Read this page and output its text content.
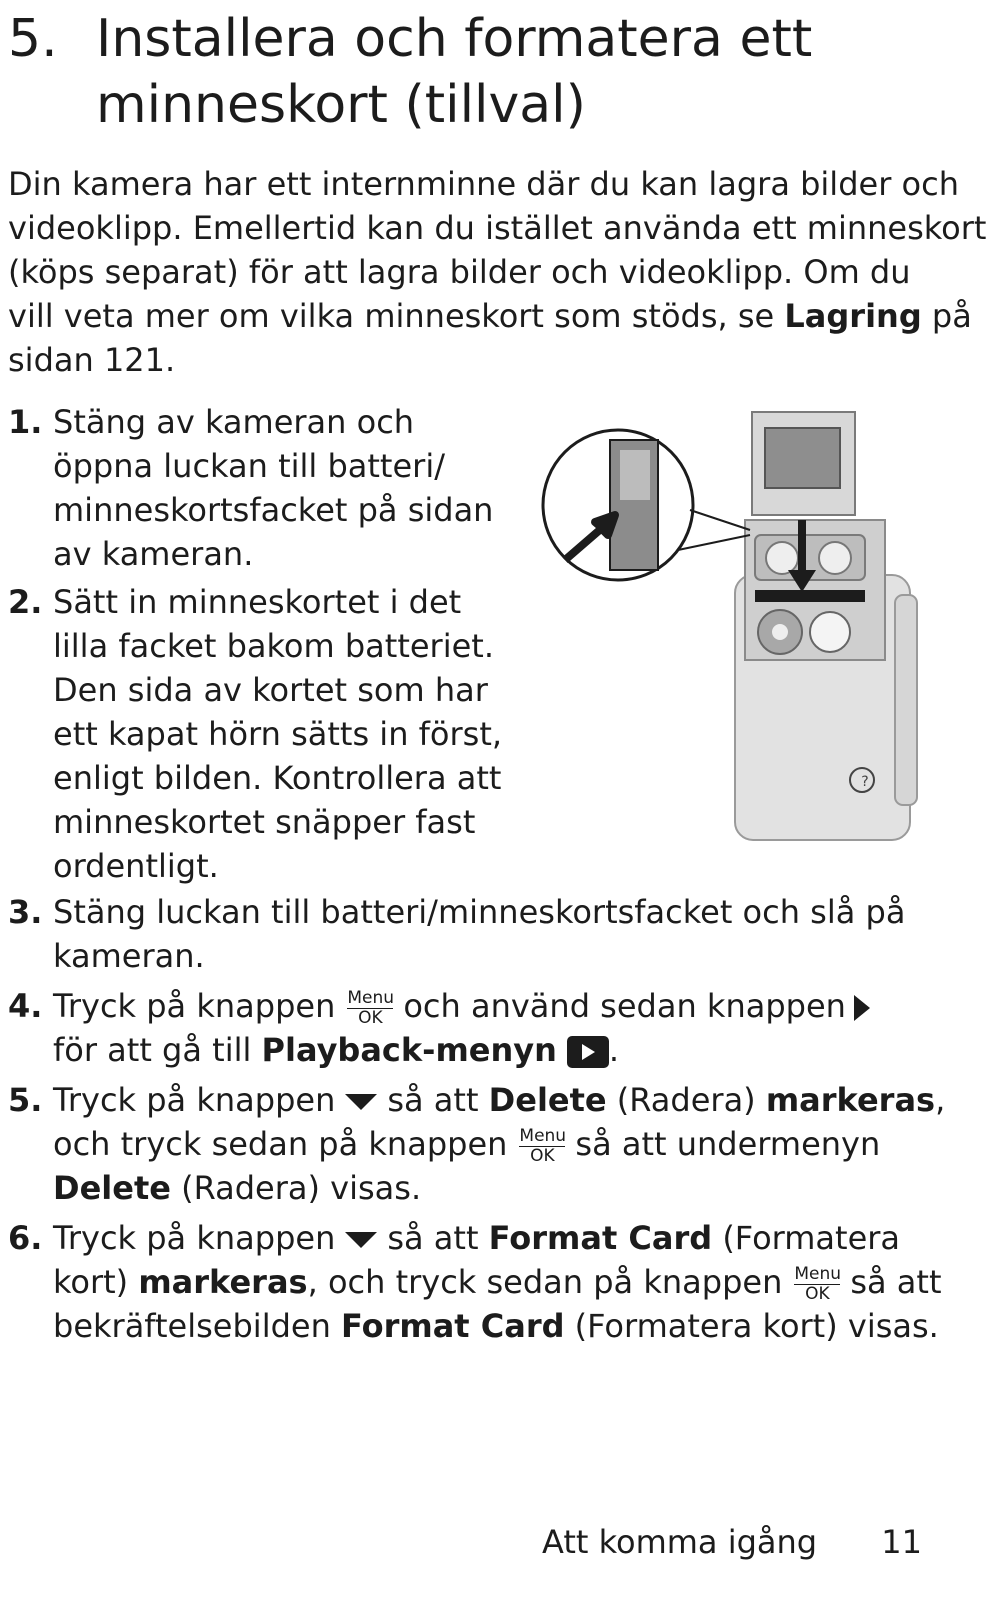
5. Installera och formatera ett
minneskort (tillval)
Din kamera har ett internminne där du kan lagra bilder och
videoklipp. Emellertid kan du istället använda ett minneskort
(köps separat) för att lagra bilder och videoklipp. Om du
vill veta mer om vilka minneskort som stöds, se Lagring på
sidan 121.
1. Stäng av kameran och
öppna luckan till batteri/
minneskortsfacket på sidan
av kameran.
2. Sätt in minneskortet i det
lilla facket bakom batteriet.
Den sida av kortet som har
ett kapat hörn sätts in först,
enligt bilden. Kontrollera att
minneskortet snäpper fast
ordentligt.
?
3. Stäng luckan till batteri/minneskortsfacket och slå på
kameran.
4. Tryck på knappen Menu
OK och använd sedan knappen
för att gå till Playback-menyn .
5. Tryck på knappen så att Delete (Radera) markeras,
och tryck sedan på knappen Menu
OK så att undermenyn
Delete (Radera) visas.
6. Tryck på knappen så att Format Card (Formatera
kort) markeras, och tryck sedan på knappen Menu
OK så att
bekräftelsebilden Format Card (Formatera kort) visas.
Att komma igång 11
